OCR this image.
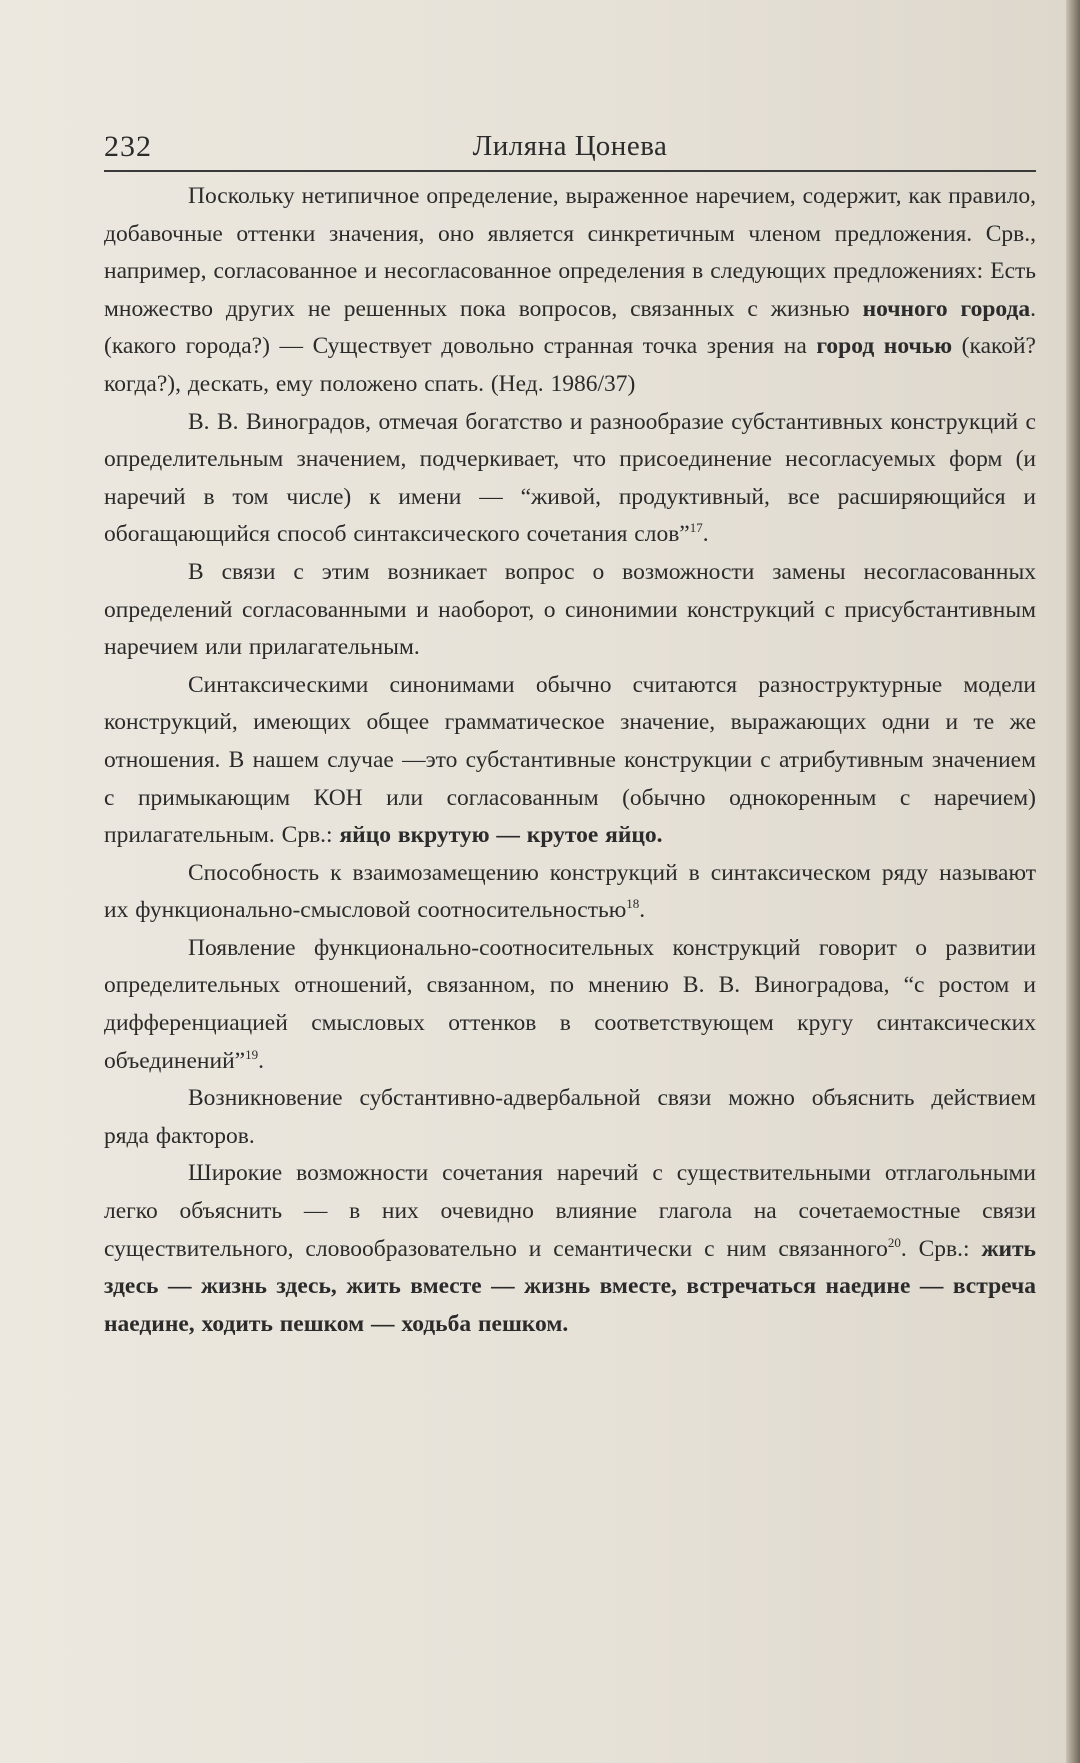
232	Лиляна Цонева

Поскольку нетипичное определение, выраженное наречием, содержит, как правило, добавочные оттенки значения, оно является синкретичным членом предложения. Срв., например, согласованное и несогласованное определения в следующих предложениях: Есть множество других не решенных пока вопросов, связанных с жизнью ночного города. (какого города?) — Существует довольно странная точка зрения на город ночью (какой? когда?), дескать, ему положено спать. (Нед. 1986/37)

В. В. Виноградов, отмечая богатство и разнообразие субстантивных конструкций с определительным значением, подчеркивает, что присоединение несогласуемых форм (и наречий в том числе) к имени — “живой, продуктивный, все расширяющийся и обогащающийся способ синтаксического сочетания слов”$^{17}$.

В связи с этим возникает вопрос о возможности замены несогласованных определений согласованными и наоборот, о синонимии конструкций с присубстантивным наречием или прилагательным.

Синтаксическими синонимами обычно считаются разноструктурные модели конструкций, имеющих общее грамматическое значение, выражающих одни и те же отношения. В нашем случае —это субстантивные конструкции с атрибутивным значением с примыкающим КОН или согласованным (обычно однокоренным с наречием) прилагательным. Срв.: яйцо вкрутую — крутое яйцо.

Способность к взаимозамещению конструкций в синтаксическом ряду называют их функционально-смысловой соотносительностью$^{18}$.

Появление функционально-соотносительных конструкций говорит о развитии определительных отношений, связанном, по мнению В. В. Виноградова, “с ростом и дифференциацией смысловых оттенков в соответствующем кругу синтаксических объединений”$^{19}$.

Возникновение субстантивно-адвербальной связи можно объяснить действием ряда факторов.

Широкие возможности сочетания наречий с существительными отглагольными легко объяснить — в них очевидно влияние глагола на сочетаемостные связи существительного, словообразовательно и семантически с ним связанного$^{20}$. Срв.: жить здесь — жизнь здесь, жить вместе — жизнь вместе, встречаться наедине — встреча наедине, ходить пешком — ходьба пешком.
